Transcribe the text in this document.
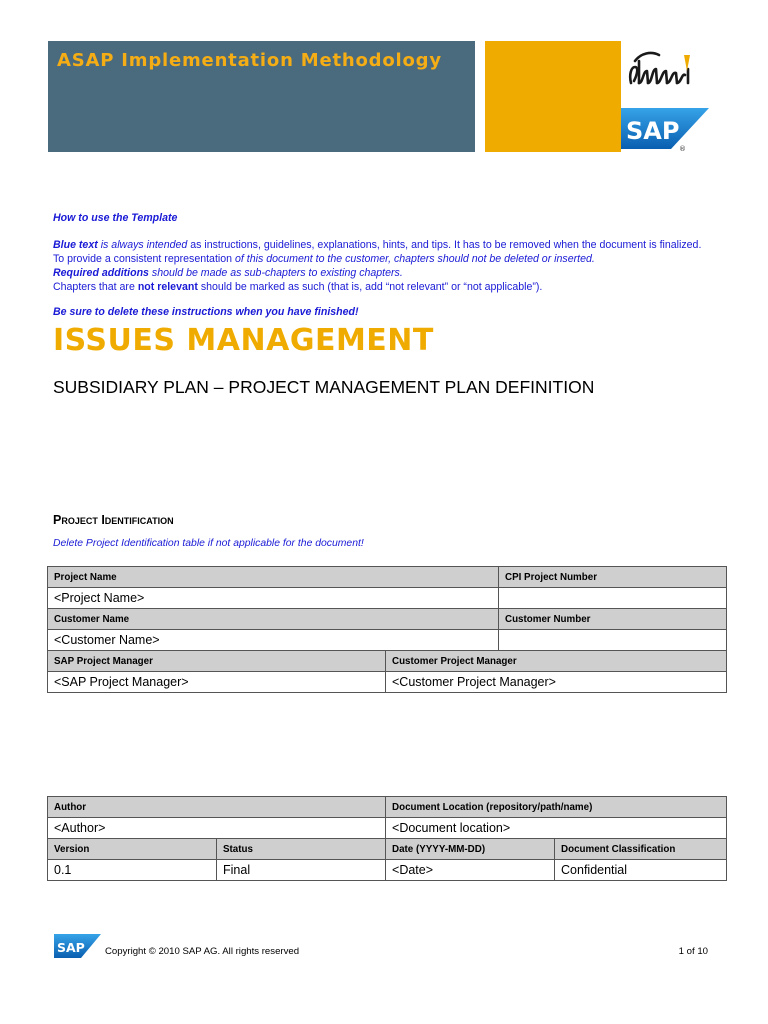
ASAP Implementation Methodology
SAP
®
How to use the Template
Blue text is always intended as instructions, guidelines, explanations, hints, and tips. It has to be removed when the document is finalized. To provide a consistent representation of this document to the customer, chapters should not be deleted or inserted.
Required additions should be made as sub-chapters to existing chapters.
Chapters that are not relevant should be marked as such (that is, add “not relevant” or “not applicable”).
Be sure to delete these instructions when you have finished!
ISSUES MANAGEMENT
SUBSIDIARY PLAN – PROJECT MANAGEMENT PLAN DEFINITION
Project Identification
Delete Project Identification table if not applicable for the document!
Project Name		CPI Project Number
<Project Name>		
Customer Name		Customer Number
<Customer Name>		
SAP Project Manager	Customer Project Manager	
<SAP Project Manager>	<Customer Project Manager>	
Author		Document Location (repository/path/name)	
<Author>		<Document location>	
Version	Status	Date (YYYY-MM-DD)	Document Classification
0.1	Final	<Date>	Confidential
SAP Copyright © 2010 SAP AG. All rights reserved	1 of 10
